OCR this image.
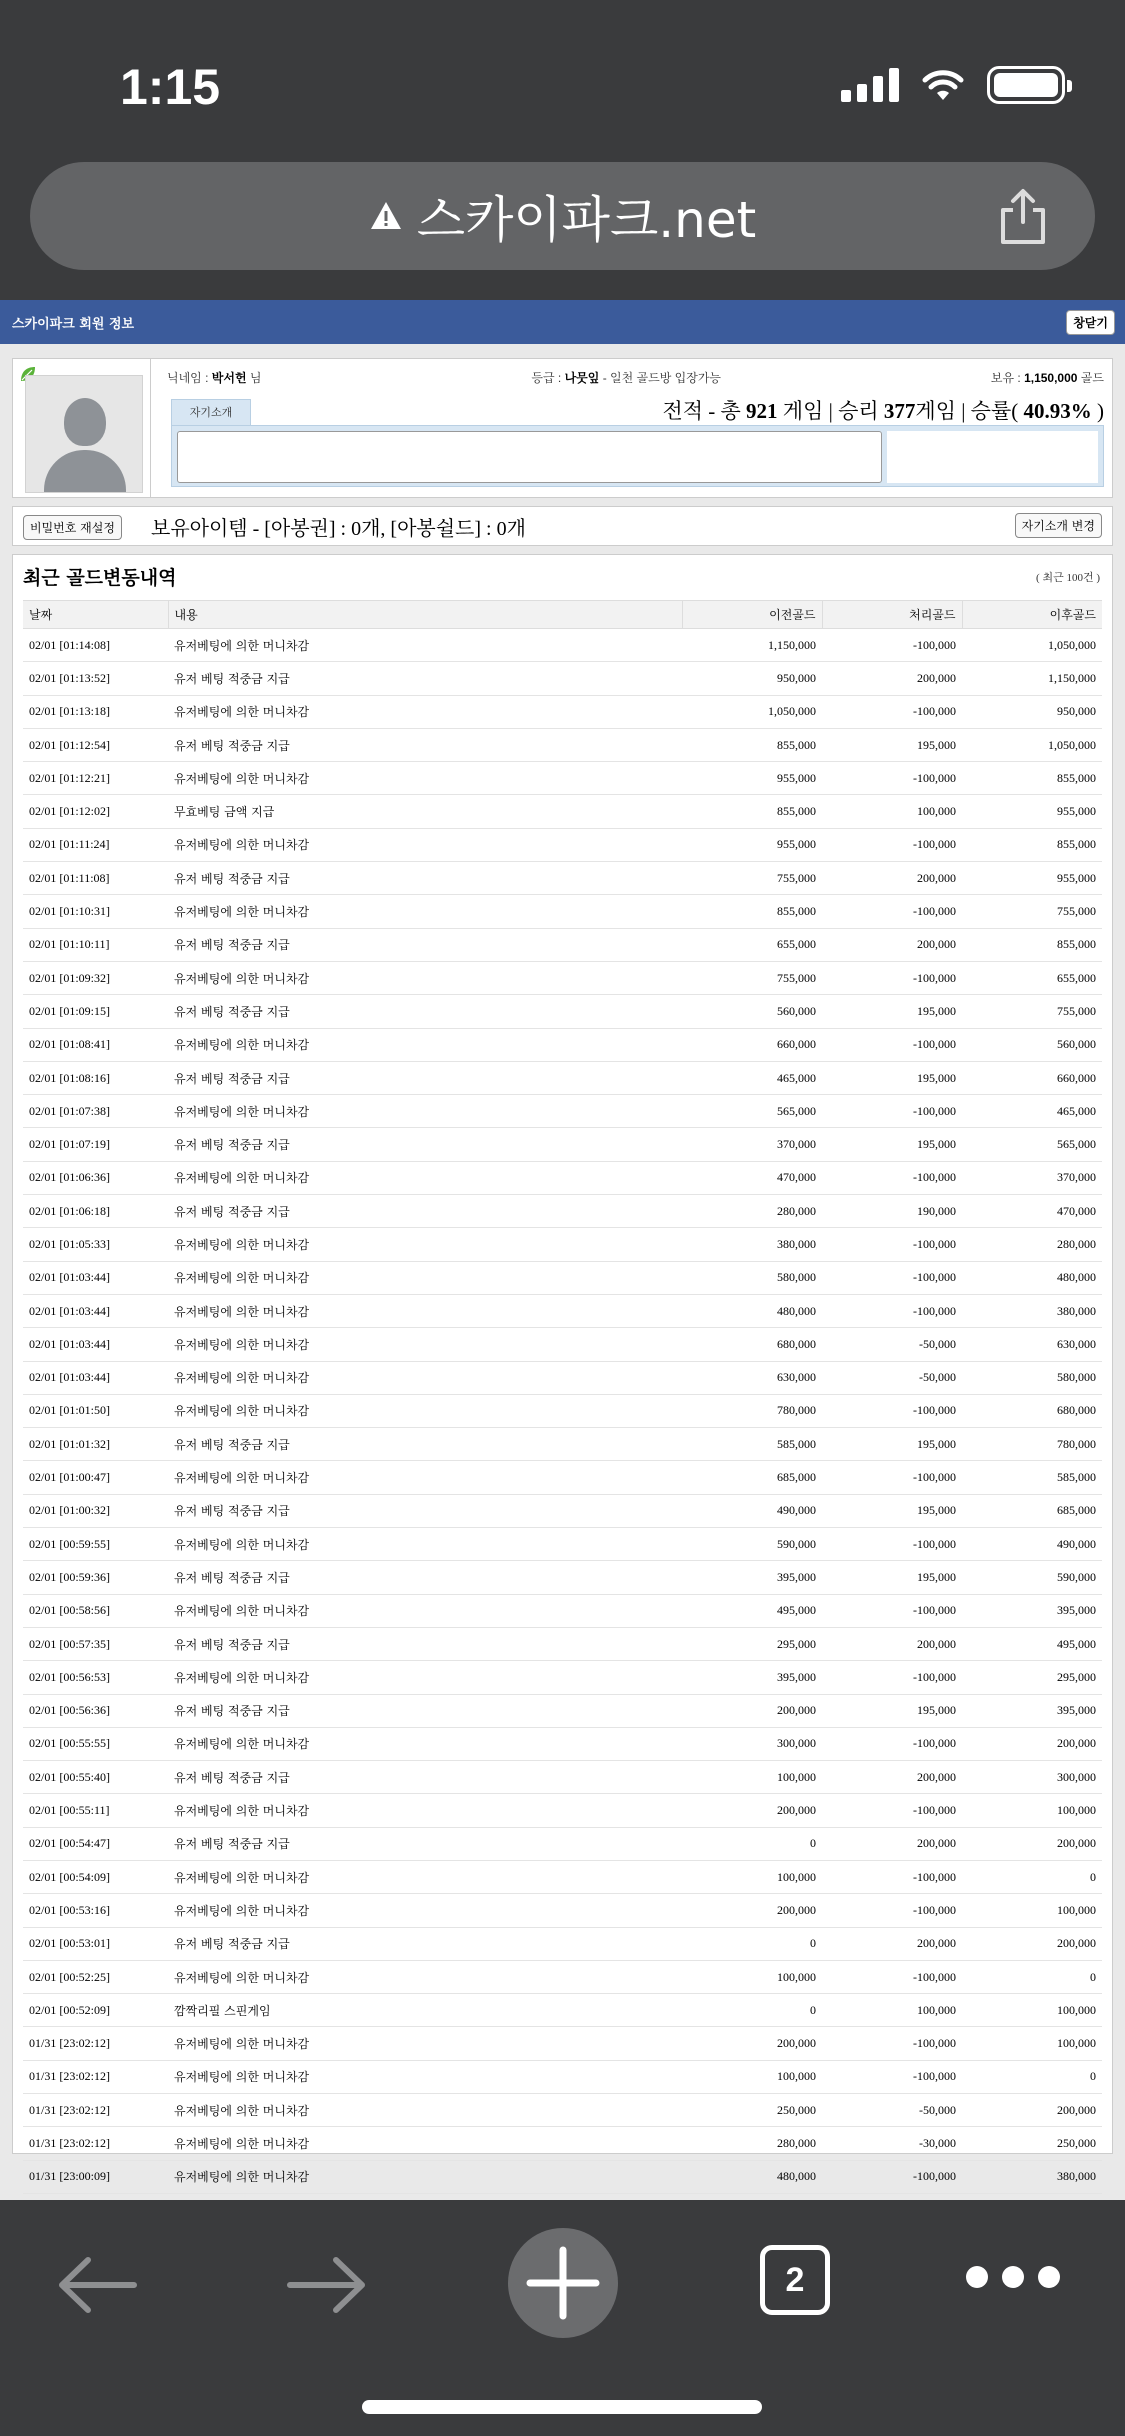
1:15
스카이파크.net
스카이파크 회원 정보	창닫기
닉네임 : 박서헌 님	등급 : 나뭇잎 - 일천 골드방 입장가능	보유 : 1,150,000 골드
자기소개	전적 - 총 921 게임 | 승리 377게임 | 승률( 40.93% )
비밀번호 재설정	보유아이템 - [아봉권] : 0개, [아봉쉴드] : 0개	자기소개 변경
최근 골드변동내역	( 최근 100건 )
날짜	내용	이전골드	처리골드	이후골드
02/01 [01:14:08]	유저베팅에 의한 머니차감	1,150,000	-100,000	1,050,000
02/01 [01:13:52]	유저 베팅 적중금 지급	950,000	200,000	1,150,000
02/01 [01:13:18]	유저베팅에 의한 머니차감	1,050,000	-100,000	950,000
02/01 [01:12:54]	유저 베팅 적중금 지급	855,000	195,000	1,050,000
02/01 [01:12:21]	유저베팅에 의한 머니차감	955,000	-100,000	855,000
02/01 [01:12:02]	무효베팅 금액 지급	855,000	100,000	955,000
02/01 [01:11:24]	유저베팅에 의한 머니차감	955,000	-100,000	855,000
02/01 [01:11:08]	유저 베팅 적중금 지급	755,000	200,000	955,000
02/01 [01:10:31]	유저베팅에 의한 머니차감	855,000	-100,000	755,000
02/01 [01:10:11]	유저 베팅 적중금 지급	655,000	200,000	855,000
02/01 [01:09:32]	유저베팅에 의한 머니차감	755,000	-100,000	655,000
02/01 [01:09:15]	유저 베팅 적중금 지급	560,000	195,000	755,000
02/01 [01:08:41]	유저베팅에 의한 머니차감	660,000	-100,000	560,000
02/01 [01:08:16]	유저 베팅 적중금 지급	465,000	195,000	660,000
02/01 [01:07:38]	유저베팅에 의한 머니차감	565,000	-100,000	465,000
02/01 [01:07:19]	유저 베팅 적중금 지급	370,000	195,000	565,000
02/01 [01:06:36]	유저베팅에 의한 머니차감	470,000	-100,000	370,000
02/01 [01:06:18]	유저 베팅 적중금 지급	280,000	190,000	470,000
02/01 [01:05:33]	유저베팅에 의한 머니차감	380,000	-100,000	280,000
02/01 [01:03:44]	유저베팅에 의한 머니차감	580,000	-100,000	480,000
02/01 [01:03:44]	유저베팅에 의한 머니차감	480,000	-100,000	380,000
02/01 [01:03:44]	유저베팅에 의한 머니차감	680,000	-50,000	630,000
02/01 [01:03:44]	유저베팅에 의한 머니차감	630,000	-50,000	580,000
02/01 [01:01:50]	유저베팅에 의한 머니차감	780,000	-100,000	680,000
02/01 [01:01:32]	유저 베팅 적중금 지급	585,000	195,000	780,000
02/01 [01:00:47]	유저베팅에 의한 머니차감	685,000	-100,000	585,000
02/01 [01:00:32]	유저 베팅 적중금 지급	490,000	195,000	685,000
02/01 [00:59:55]	유저베팅에 의한 머니차감	590,000	-100,000	490,000
02/01 [00:59:36]	유저 베팅 적중금 지급	395,000	195,000	590,000
02/01 [00:58:56]	유저베팅에 의한 머니차감	495,000	-100,000	395,000
02/01 [00:57:35]	유저 베팅 적중금 지급	295,000	200,000	495,000
02/01 [00:56:53]	유저베팅에 의한 머니차감	395,000	-100,000	295,000
02/01 [00:56:36]	유저 베팅 적중금 지급	200,000	195,000	395,000
02/01 [00:55:55]	유저베팅에 의한 머니차감	300,000	-100,000	200,000
02/01 [00:55:40]	유저 베팅 적중금 지급	100,000	200,000	300,000
02/01 [00:55:11]	유저베팅에 의한 머니차감	200,000	-100,000	100,000
02/01 [00:54:47]	유저 베팅 적중금 지급	0	200,000	200,000
02/01 [00:54:09]	유저베팅에 의한 머니차감	100,000	-100,000	0
02/01 [00:53:16]	유저베팅에 의한 머니차감	200,000	-100,000	100,000
02/01 [00:53:01]	유저 베팅 적중금 지급	0	200,000	200,000
02/01 [00:52:25]	유저베팅에 의한 머니차감	100,000	-100,000	0
02/01 [00:52:09]	깜짝리필 스핀게임	0	100,000	100,000
01/31 [23:02:12]	유저베팅에 의한 머니차감	200,000	-100,000	100,000
01/31 [23:02:12]	유저베팅에 의한 머니차감	100,000	-100,000	0
01/31 [23:02:12]	유저베팅에 의한 머니차감	250,000	-50,000	200,000
01/31 [23:02:12]	유저베팅에 의한 머니차감	280,000	-30,000	250,000
01/31 [23:00:09]	유저베팅에 의한 머니차감	480,000	-100,000	380,000
2
